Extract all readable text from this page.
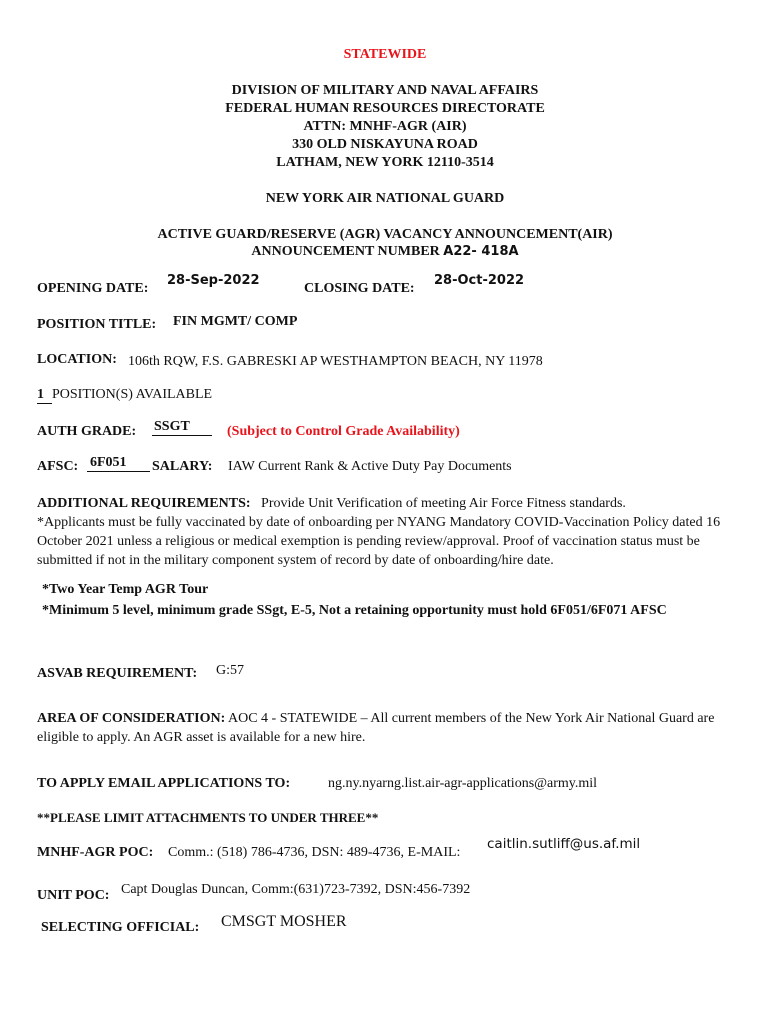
STATEWIDE
DIVISION OF MILITARY AND NAVAL AFFAIRS
FEDERAL HUMAN RESOURCES DIRECTORATE
ATTN: MNHF-AGR (AIR)
330 OLD NISKAYUNA ROAD
LATHAM, NEW YORK 12110-3514
NEW YORK AIR NATIONAL GUARD
ACTIVE GUARD/RESERVE (AGR) VACANCY ANNOUNCEMENT(AIR)
ANNOUNCEMENT NUMBER A22- 418A
OPENING DATE:
28-Sep-2022
CLOSING DATE:
28-Oct-2022
POSITION TITLE: FIN MGMT/ COMP
LOCATION: 106th RQW, F.S. GABRESKI AP WESTHAMPTON BEACH, NY 11978
1 POSITION(S) AVAILABLE
AUTH GRADE: SSGT	(Subject to Control Grade Availability)
AFSC: 6F051	SALARY: IAW Current Rank & Active Duty Pay Documents
ADDITIONAL REQUIREMENTS: Provide Unit Verification of meeting Air Force Fitness standards.
*Applicants must be fully vaccinated by date of onboarding per NYANG Mandatory COVID-Vaccination Policy dated 16 October 2021 unless a religious or medical exemption is pending review/approval. Proof of vaccination status must be submitted if not in the military component system of record by date of onboarding/hire date.
*Two Year Temp AGR Tour
*Minimum 5 level, minimum grade SSgt, E-5, Not a retaining opportunity must hold 6F051/6F071 AFSC
ASVAB REQUIREMENT: G:57
AREA OF CONSIDERATION: AOC 4 - STATEWIDE – All current members of the New York Air National Guard are eligible to apply. An AGR asset is available for a new hire.
TO APPLY EMAIL APPLICATIONS TO:	ng.ny.nyarng.list.air-agr-applications@army.mil
**PLEASE LIMIT ATTACHMENTS TO UNDER THREE**
MNHF-AGR POC: Comm.: (518) 786-4736, DSN: 489-4736, E-MAIL:
caitlin.sutliff@us.af.mil
UNIT POC: Capt Douglas Duncan, Comm:(631)723-7392, DSN:456-7392
SELECTING OFFICIAL: CMSGT MOSHER
